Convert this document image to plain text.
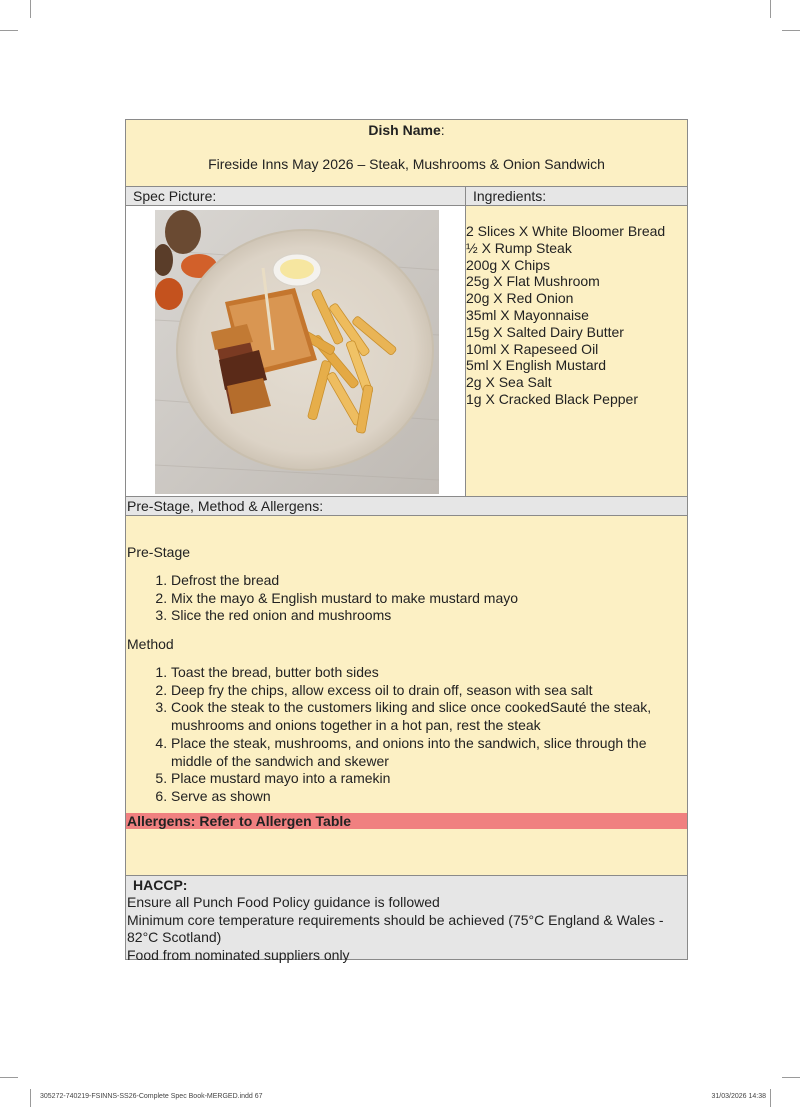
Dish Name:
Fireside Inns May 2026 – Steak, Mushrooms & Onion Sandwich
Spec Picture:	Ingredients:
2 Slices X White Bloomer Bread
½ X Rump Steak
200g X Chips
25g X Flat Mushroom
20g X Red Onion
35ml X Mayonnaise
15g X Salted Dairy Butter
10ml X Rapeseed Oil
5ml X English Mustard
2g X Sea Salt
1g X Cracked Black Pepper
Pre-Stage, Method & Allergens:
Pre-Stage
1. Defrost the bread
2. Mix the mayo & English mustard to make mustard mayo
3. Slice the red onion and mushrooms
Method
1. Toast the bread, butter both sides
2. Deep fry the chips, allow excess oil to drain off, season with sea salt
3. Cook the steak to the customers liking and slice once cookedSauté the steak, mushrooms and onions together in a hot pan, rest the steak
4. Place the steak, mushrooms, and onions into the sandwich, slice through the middle of the sandwich and skewer
5. Place mustard mayo into a ramekin
6. Serve as shown
Allergens: Refer to Allergen Table
HACCP:
Ensure all Punch Food Policy guidance is followed
Minimum core temperature requirements should be achieved (75°C England & Wales - 82°C Scotland)
Food from nominated suppliers only
305272-740219-FSINNS-SS26-Complete Spec Book-MERGED.indd 67	31/03/2026 14:38
